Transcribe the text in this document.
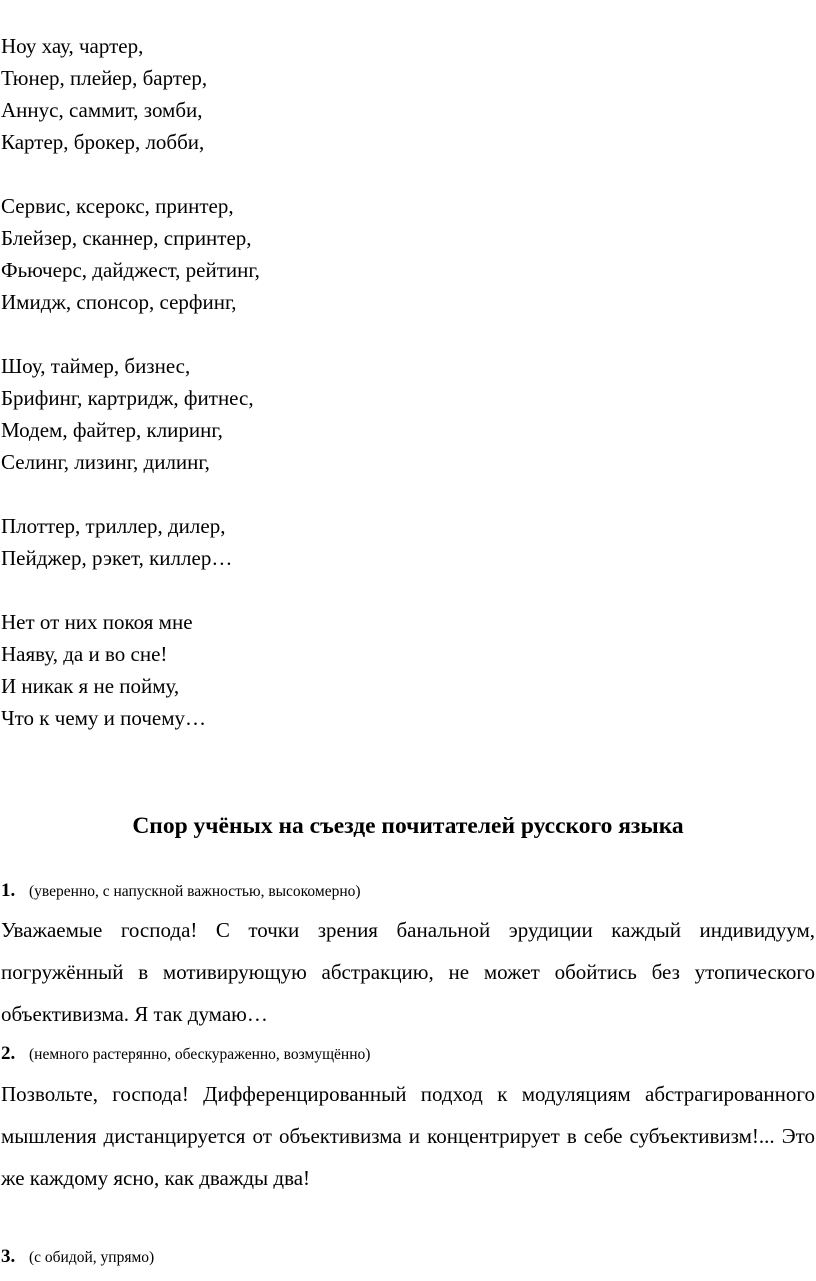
Ноу хау, чартер,
Тюнер, плейер, бартер,
Аннус, саммит, зомби,
Картер, брокер, лобби,
Сервис, ксерокс, принтер,
Блейзер, сканнер, спринтер,
Фьючерс, дайджест, рейтинг,
Имидж, спонсор, серфинг,
Шоу, таймер, бизнес,
Брифинг, картридж, фитнес,
Модем, файтер, клиринг,
Селинг, лизинг, дилинг,
Плоттер, триллер, дилер,
Пейджер, рэкет, киллер…
Нет от них покоя мне
Наяву, да и во сне!
И никак я не пойму,
Что к чему и почему…
Спор учёных на съезде почитателей русского языка
1. (уверенно, с напускной важностью, высокомерно)
Уважаемые господа! С точки зрения банальной эрудиции каждый индивидуум, погружённый в мотивирующую абстракцию, не может обойтись без утопического объективизма. Я так думаю…
2. (немного растерянно, обескураженно, возмущённо)
Позвольте, господа! Дифференцированный подход к модуляциям абстрагированного мышления дистанцируется от объективизма и концентрирует в себе субъективизм!... Это же каждому ясно, как дважды два!
3. (с обидой, упрямо)
